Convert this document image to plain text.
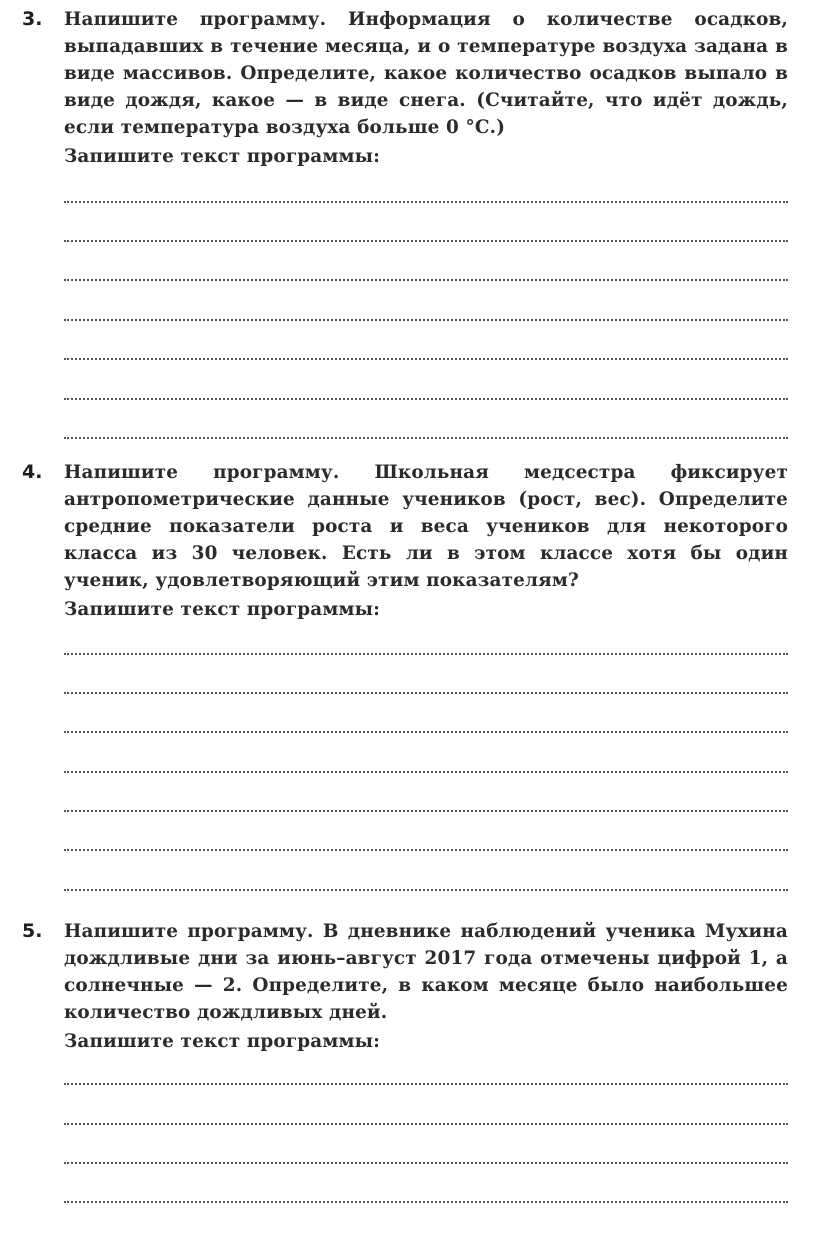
3. Напишите программу. Информация о количестве осадков, выпадавших в течение месяца, и о температуре воздуха задана в виде массивов. Определите, какое количество осадков выпало в виде дождя, какое — в виде снега. (Считайте, что идёт дождь, если температура воздуха больше 0 °С.)

Запишите текст программы:
4. Напишите программу. Школьная медсестра фиксирует антропометрические данные учеников (рост, вес). Определите средние показатели роста и веса учеников для некоторого класса из 30 человек. Есть ли в этом классе хотя бы один ученик, удовлетворяющий этим показателям?

Запишите текст программы:
5. Напишите программу. В дневнике наблюдений ученика Мухина дождливые дни за июнь–август 2017 года отмечены цифрой 1, а солнечные — 2. Определите, в каком месяце было наибольшее количество дождливых дней.

Запишите текст программы:
